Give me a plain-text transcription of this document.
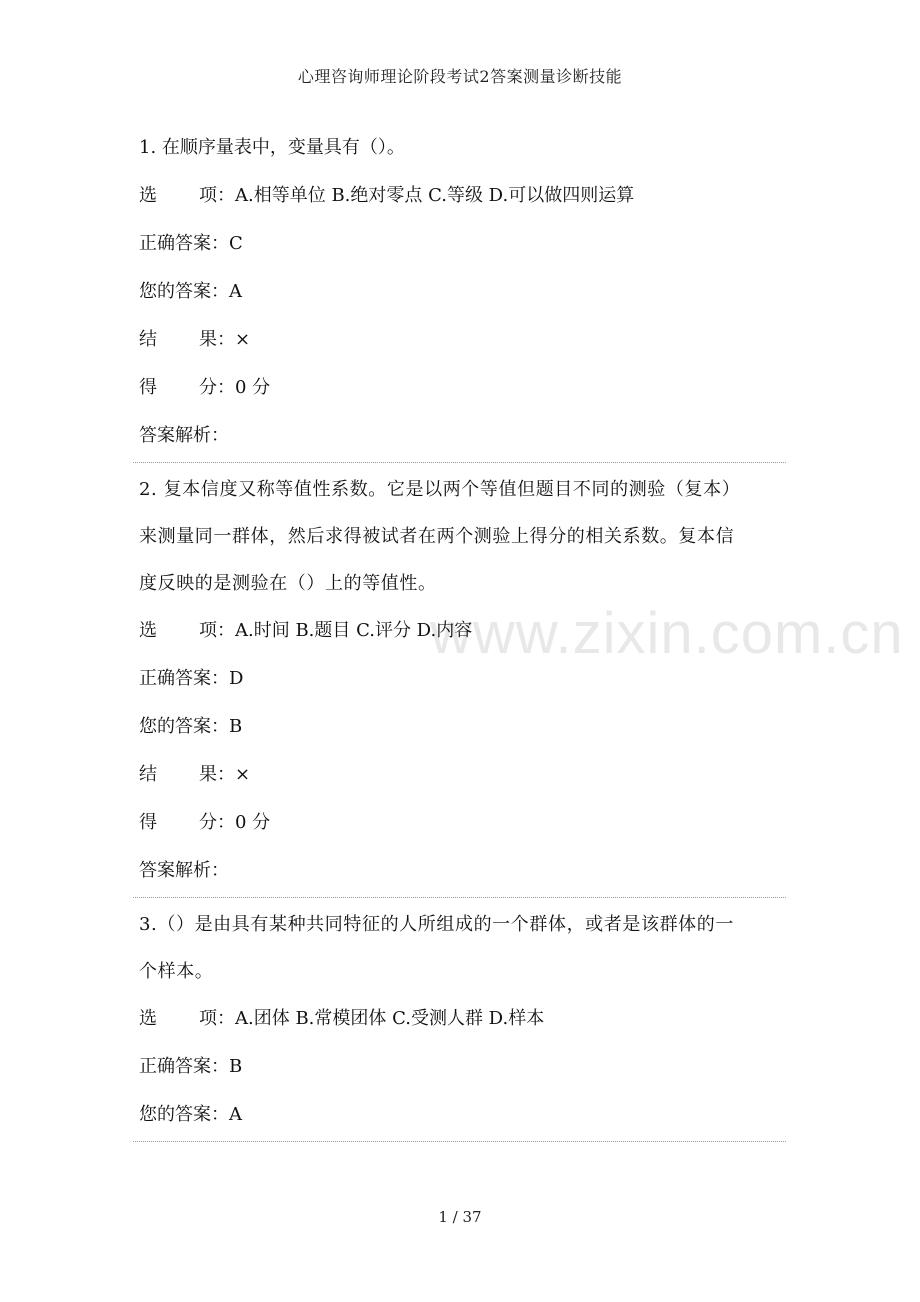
心理咨询师理论阶段考试2答案测量诊断技能
www.zixin.com.cn
1. 在顺序量表中，变量具有（）。
选 项：A.相等单位 B.绝对零点 C.等级 D.可以做四则运算
正确答案：C
您的答案：A
结 果：×
得 分：0 分
答案解析：
2. 复本信度又称等值性系数。它是以两个等值但题目不同的测验（复本）
来测量同一群体，然后求得被试者在两个测验上得分的相关系数。复本信
度反映的是测验在（）上的等值性。
选 项：A.时间 B.题目 C.评分 D.内容
正确答案：D
您的答案：B
结 果：×
得 分：0 分
答案解析：
3.（）是由具有某种共同特征的人所组成的一个群体，或者是该群体的一
个样本。
选 项：A.团体 B.常模团体 C.受测人群 D.样本
正确答案：B
您的答案：A
1 / 37
